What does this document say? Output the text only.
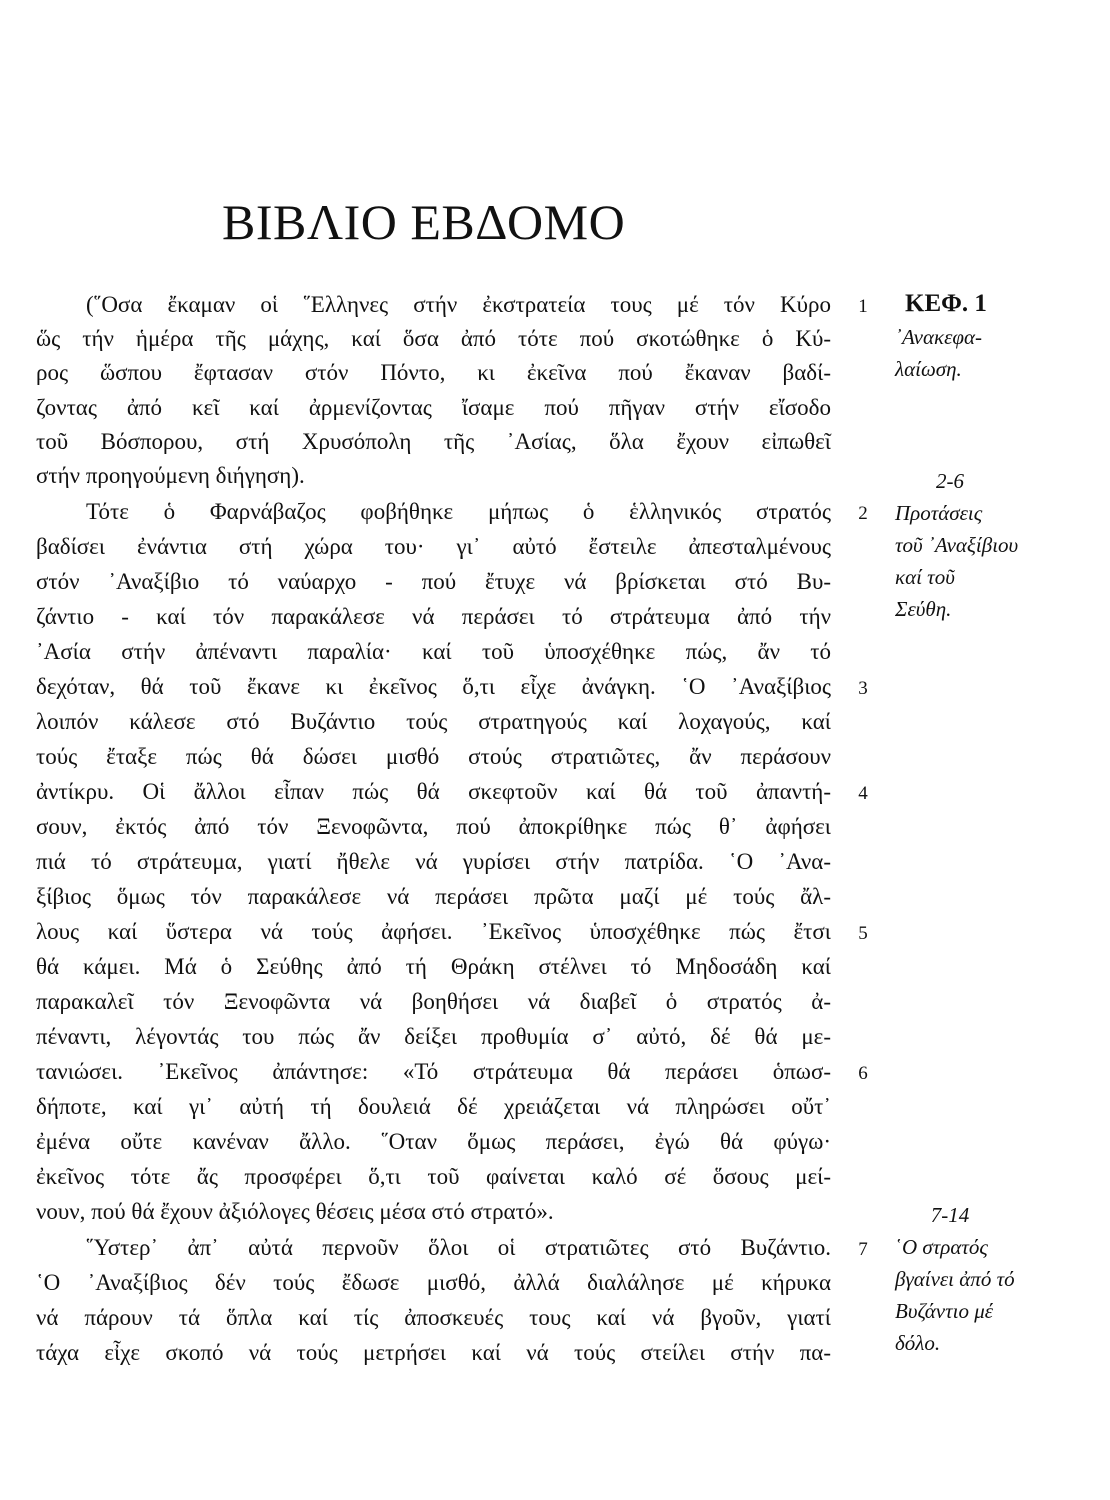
ΒΙΒΛΙΟ ΕΒΔΟΜΟ
(῞Οσα ἔκαμαν οἱ ῞Ελληνες στήν ἐκστρατεία τους μέ τόν Κύρο
ὥς τήν ἡμέρα τῆς μάχης, καί ὅσα ἀπό τότε πού σκοτώθηκε ὁ Κύ-
ρος ὥσπου ἔφτασαν στόν Πόντο, κι ἐκεῖνα πού ἔκαναν βαδί-
ζοντας ἀπό κεῖ καί ἀρμενίζοντας ἴσαμε πού πῆγαν στήν εἴσοδο
τοῦ Βόσπορου, στή Χρυσόπολη τῆς ᾿Ασίας, ὅλα ἔχουν εἰπωθεῖ
στήν προηγούμενη διήγηση).
Τότε ὁ Φαρνάβαζος φοβήθηκε μήπως ὁ ἑλληνικός στρατός
βαδίσει ἐνάντια στή χώρα του· γι᾿ αὐτό ἔστειλε ἀπεσταλμένους
στόν ᾿Αναξίβιο τό ναύαρχο - πού ἔτυχε νά βρίσκεται στό Βυ-
ζάντιο - καί τόν παρακάλεσε νά περάσει τό στράτευμα ἀπό τήν
᾿Ασία στήν ἀπέναντι παραλία· καί τοῦ ὑποσχέθηκε πώς, ἄν τό
δεχόταν, θά τοῦ ἔκανε κι ἐκεῖνος ὅ,τι εἶχε ἀνάγκη. ῾Ο ᾿Αναξίβιος
λοιπόν κάλεσε στό Βυζάντιο τούς στρατηγούς καί λοχαγούς, καί
τούς ἔταξε πώς θά δώσει μισθό στούς στρατιῶτες, ἄν περάσουν
ἀντίκρυ. Οἱ ἄλλοι εἶπαν πώς θά σκεφτοῦν καί θά τοῦ ἀπαντή-
σουν, ἐκτός ἀπό τόν Ξενοφῶντα, πού ἀποκρίθηκε πώς θ᾿ ἀφήσει
πιά τό στράτευμα, γιατί ἤθελε νά γυρίσει στήν πατρίδα. ῾Ο ᾿Ανα-
ξίβιος ὅμως τόν παρακάλεσε νά περάσει πρῶτα μαζί μέ τούς ἄλ-
λους καί ὕστερα νά τούς ἀφήσει. ᾿Εκεῖνος ὑποσχέθηκε πώς ἔτσι
θά κάμει. Μά ὁ Σεύθης ἀπό τή Θράκη στέλνει τό Μηδοσάδη καί
παρακαλεῖ τόν Ξενοφῶντα νά βοηθήσει νά διαβεῖ ὁ στρατός ἀ-
πέναντι, λέγοντάς του πώς ἄν δείξει προθυμία σ᾿ αὐτό, δέ θά με-
τανιώσει. ᾿Εκεῖνος ἀπάντησε: «Τό στράτευμα θά περάσει ὁπωσ-
δήποτε, καί γι᾿ αὐτή τή δουλειά δέ χρειάζεται νά πληρώσει οὔτ᾿
ἐμένα οὔτε κανέναν ἄλλο. ῞Οταν ὅμως περάσει, ἐγώ θά φύγω·
ἐκεῖνος τότε ἄς προσφέρει ὅ,τι τοῦ φαίνεται καλό σέ ὅσους μεί-
νουν, πού θά ἔχουν ἀξιόλογες θέσεις μέσα στό στρατό».
῞Υστερ᾿ ἀπ᾿ αὐτά περνοῦν ὅλοι οἱ στρατιῶτες στό Βυζάντιο.
῾Ο ᾿Αναξίβιος δέν τούς ἔδωσε μισθό, ἀλλά διαλάλησε μέ κήρυκα
νά πάρουν τά ὅπλα καί τίς ἀποσκευές τους καί νά βγοῦν, γιατί
τάχα εἶχε σκοπό νά τούς μετρήσει καί νά τούς στείλει στήν πα-
1
2
3
4
5
6
7
ΚΕΦ. 1
᾿Ανακεφα-
λαίωση.
2-6
Προτάσεις
τοῦ ᾿Αναξίβιου
καί τοῦ
Σεύθη.
7-14
῾Ο στρατός
βγαίνει ἀπό τό
Βυζάντιο μέ
δόλο.
